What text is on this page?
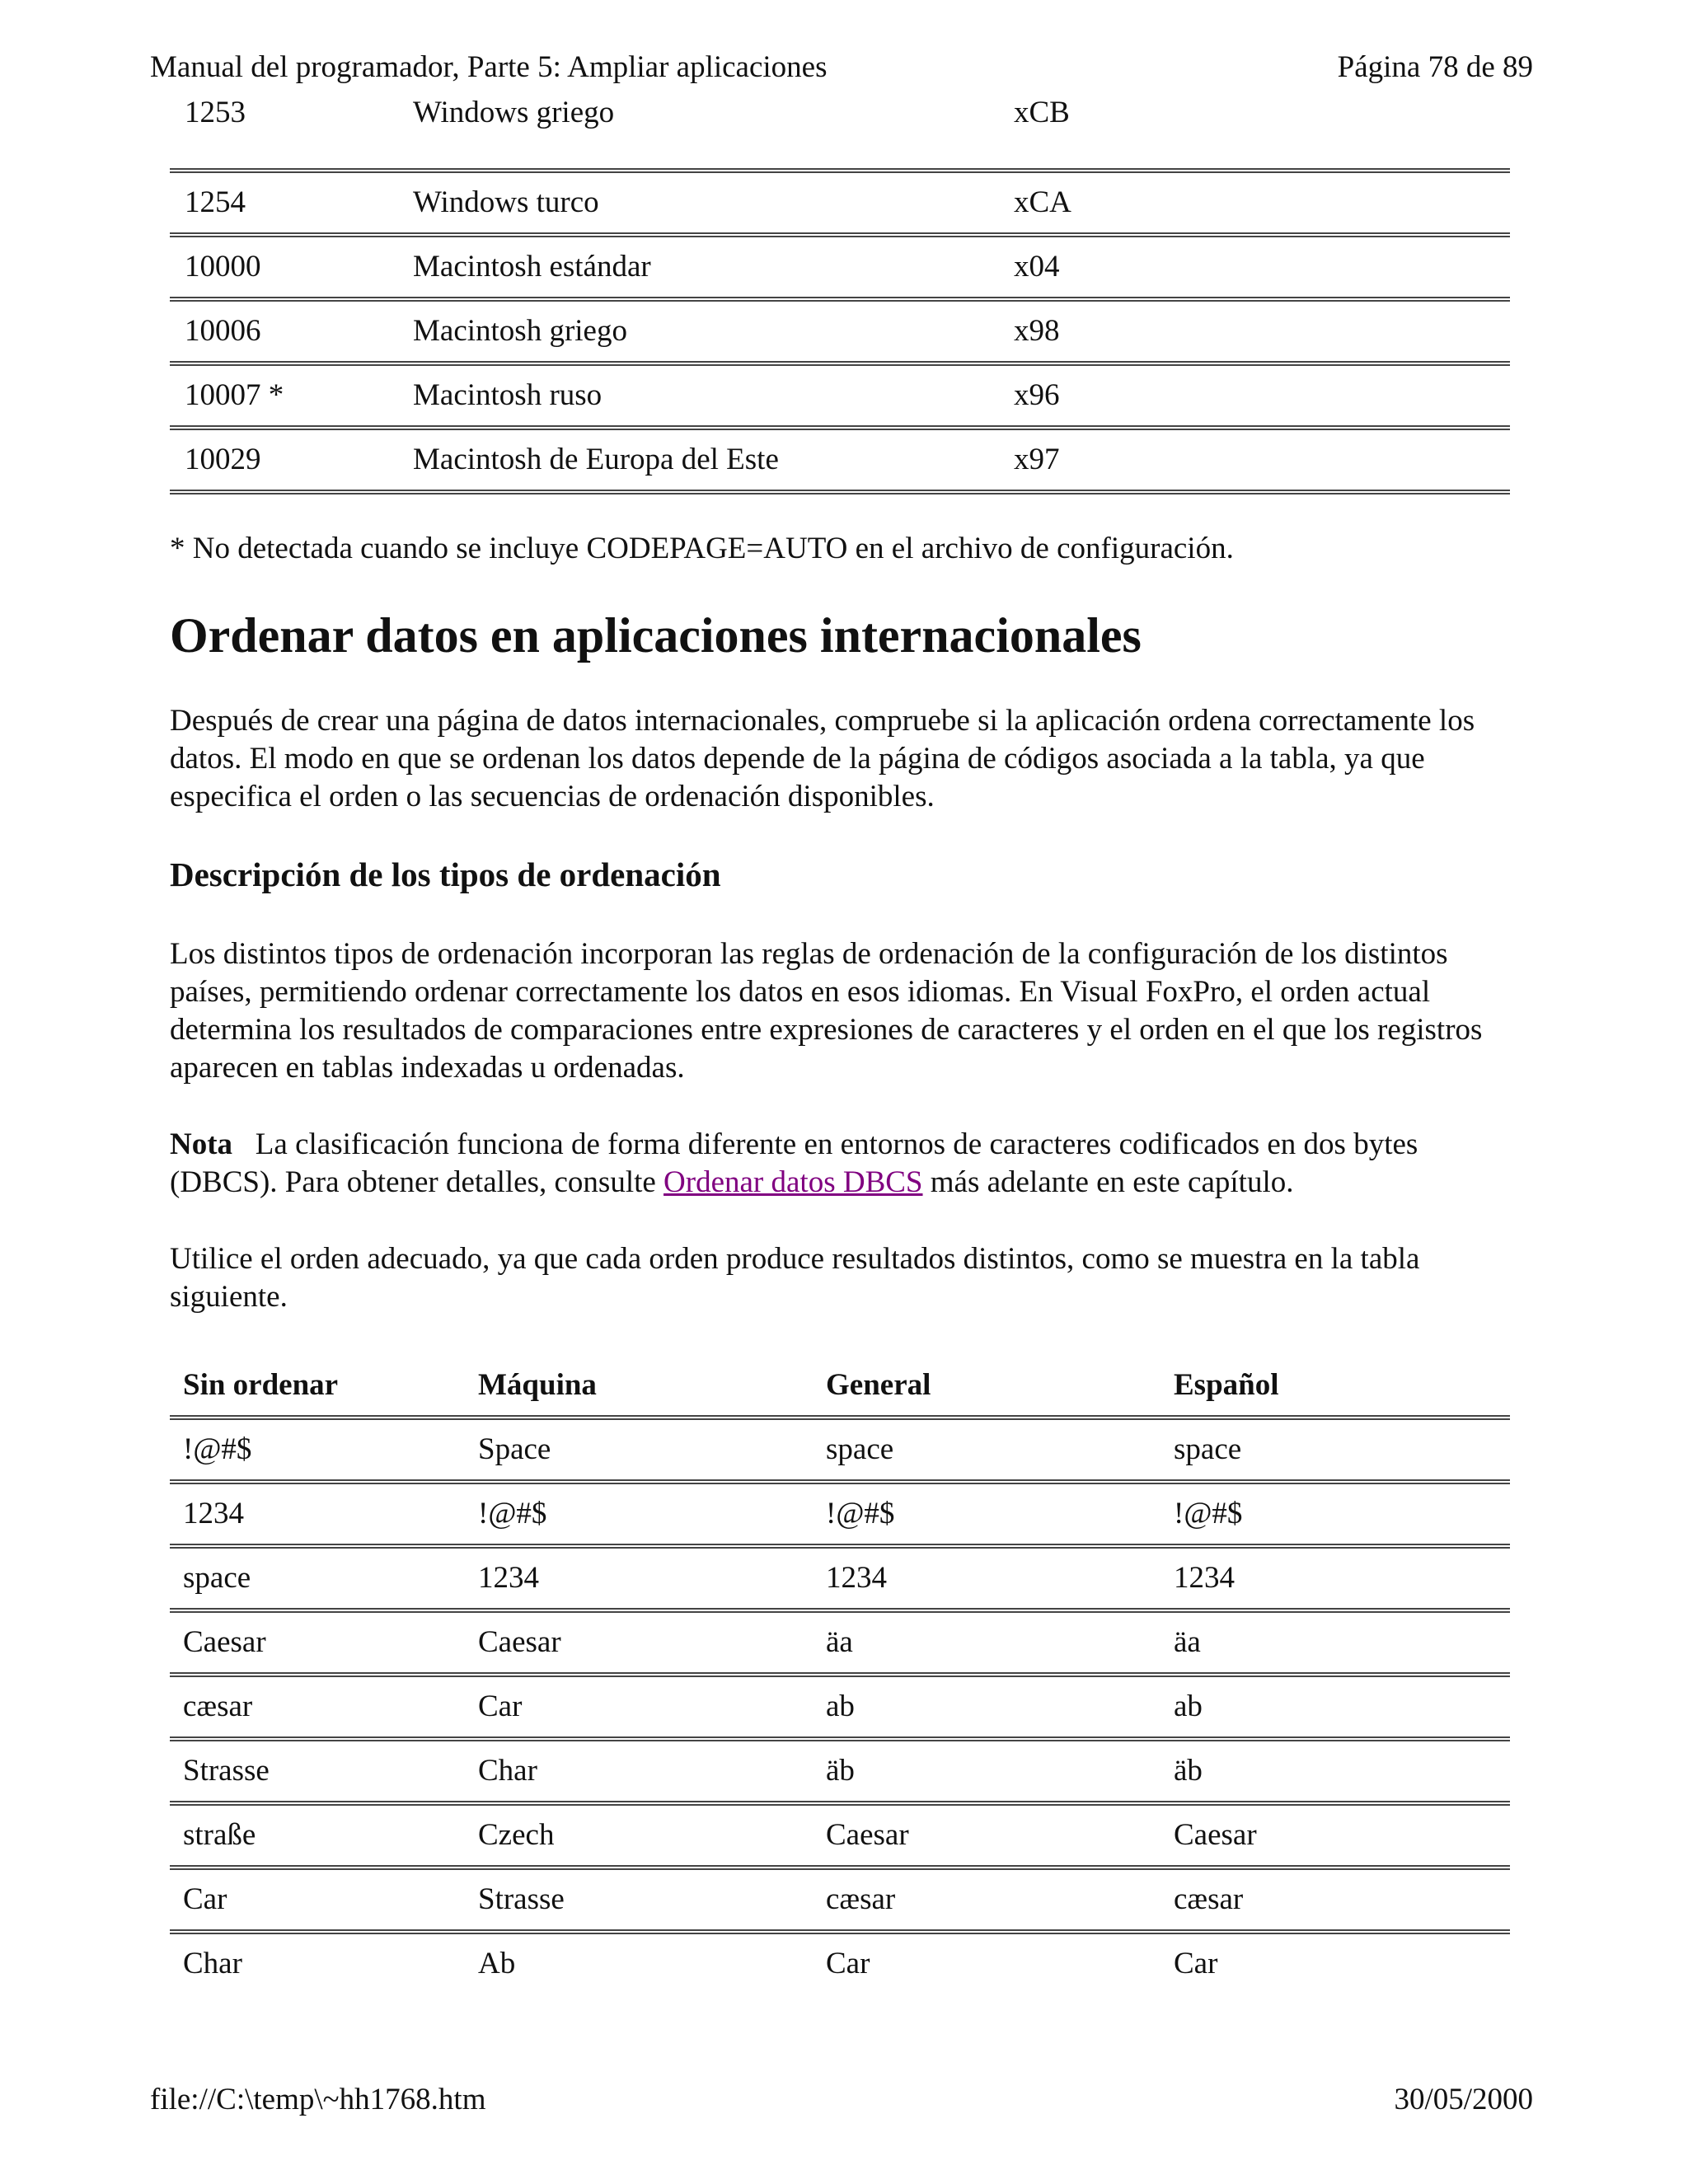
Manual del programador, Parte 5: Ampliar aplicaciones	Página 78 de 89
1253	Windows griego	xCB
1254	Windows turco	xCA
10000	Macintosh estándar	x04
10006	Macintosh griego	x98
10007 *	Macintosh ruso	x96
10029	Macintosh de Europa del Este	x97
* No detectada cuando se incluye CODEPAGE=AUTO en el archivo de configuración.
Ordenar datos en aplicaciones internacionales
Después de crear una página de datos internacionales, compruebe si la aplicación ordena correctamente los datos. El modo en que se ordenan los datos depende de la página de códigos asociada a la tabla, ya que especifica el orden o las secuencias de ordenación disponibles.
Descripción de los tipos de ordenación
Los distintos tipos de ordenación incorporan las reglas de ordenación de la configuración de los distintos países, permitiendo ordenar correctamente los datos en esos idiomas. En Visual FoxPro, el orden actual determina los resultados de comparaciones entre expresiones de caracteres y el orden en el que los registros aparecen en tablas indexadas u ordenadas.
Nota La clasificación funciona de forma diferente en entornos de caracteres codificados en dos bytes (DBCS). Para obtener detalles, consulte Ordenar datos DBCS más adelante en este capítulo.
Utilice el orden adecuado, ya que cada orden produce resultados distintos, como se muestra en la tabla siguiente.
Sin ordenar	Máquina	General	Español
!@#$	Space	space	space
1234	!@#$	!@#$	!@#$
space	1234	1234	1234
Caesar	Caesar	äa	äa
cæsar	Car	ab	ab
Strasse	Char	äb	äb
straße	Czech	Caesar	Caesar
Car	Strasse	cæsar	cæsar
Char	Ab	Car	Car
file://C:\temp\~hh1768.htm	30/05/2000
